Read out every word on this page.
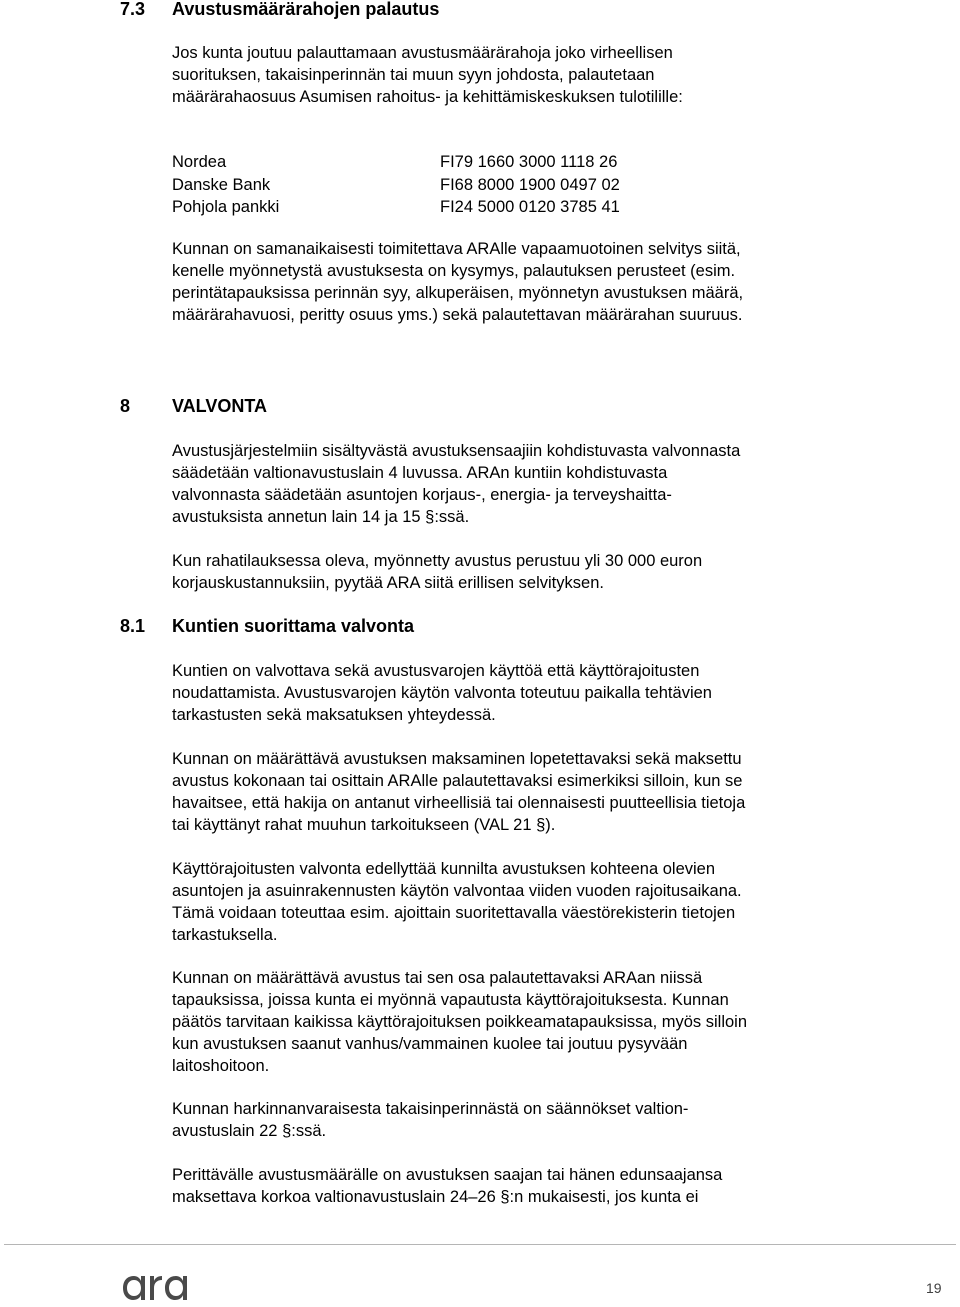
7.3 Avustusmäärärahojen palautus

Jos kunta joutuu palauttamaan avustusmäärärahoja joko virheellisen

suorituksen, takaisinperinnän tai muun syyn johdosta, palautetaan

määrärahaosuus Asumisen rahoitus- ja kehittämiskeskuksen tulotilille:

Nordea	FI79 1660 3000 1118 26
Danske Bank	FI68 8000 1900 0497 02
Pohjola pankki	FI24 5000 0120 3785 41

Kunnan on samanaikaisesti toimitettava ARAlle vapaamuotoinen selvitys siitä,

kenelle myönnetystä avustuksesta on kysymys, palautuksen perusteet (esim.

perintätapauksissa perinnän syy, alkuperäisen, myönnetyn avustuksen määrä,

määrärahavuosi, peritty osuus yms.) sekä palautettavan määrärahan suuruus.

8 VALVONTA

Avustusjärjestelmiin sisältyvästä avustuksensaajiin kohdistuvasta valvonnasta

säädetään valtionavustuslain 4 luvussa. ARAn kuntiin kohdistuvasta

valvonnasta säädetään asuntojen korjaus-, energia- ja terveyshaitta-

avustuksista annetun lain 14 ja 15 §:ssä.

Kun rahatilauksessa oleva, myönnetty avustus perustuu yli 30 000 euron

korjauskustannuksiin, pyytää ARA siitä erillisen selvityksen.

8.1 Kuntien suorittama valvonta

Kuntien on valvottava sekä avustusvarojen käyttöä että käyttörajoitusten

noudattamista. Avustusvarojen käytön valvonta toteutuu paikalla tehtävien

tarkastusten sekä maksatuksen yhteydessä.

Kunnan on määrättävä avustuksen maksaminen lopetettavaksi sekä maksettu

avustus kokonaan tai osittain ARAlle palautettavaksi esimerkiksi silloin, kun se

havaitsee, että hakija on antanut virheellisiä tai olennaisesti puutteellisia tietoja

tai käyttänyt rahat muuhun tarkoitukseen (VAL 21 §).

Käyttörajoitusten valvonta edellyttää kunnilta avustuksen kohteena olevien

asuntojen ja asuinrakennusten käytön valvontaa viiden vuoden rajoitusaikana.

Tämä voidaan toteuttaa esim. ajoittain suoritettavalla väestörekisterin tietojen

tarkastuksella.

Kunnan on määrättävä avustus tai sen osa palautettavaksi ARAan niissä

tapauksissa, joissa kunta ei myönnä vapautusta käyttörajoituksesta. Kunnan

päätös tarvitaan kaikissa käyttörajoituksen poikkeamatapauksissa, myös silloin

kun avustuksen saanut vanhus/vammainen kuolee tai joutuu pysyvään

laitoshoitoon.

Kunnan harkinnanvaraisesta takaisinperinnästä on säännökset valtion-

avustuslain 22 §:ssä.

Perittävälle avustusmäärälle on avustuksen saajan tai hänen edunsaajansa

maksettava korkoa valtionavustuslain 24–26 §:n mukaisesti, jos kunta ei

19
